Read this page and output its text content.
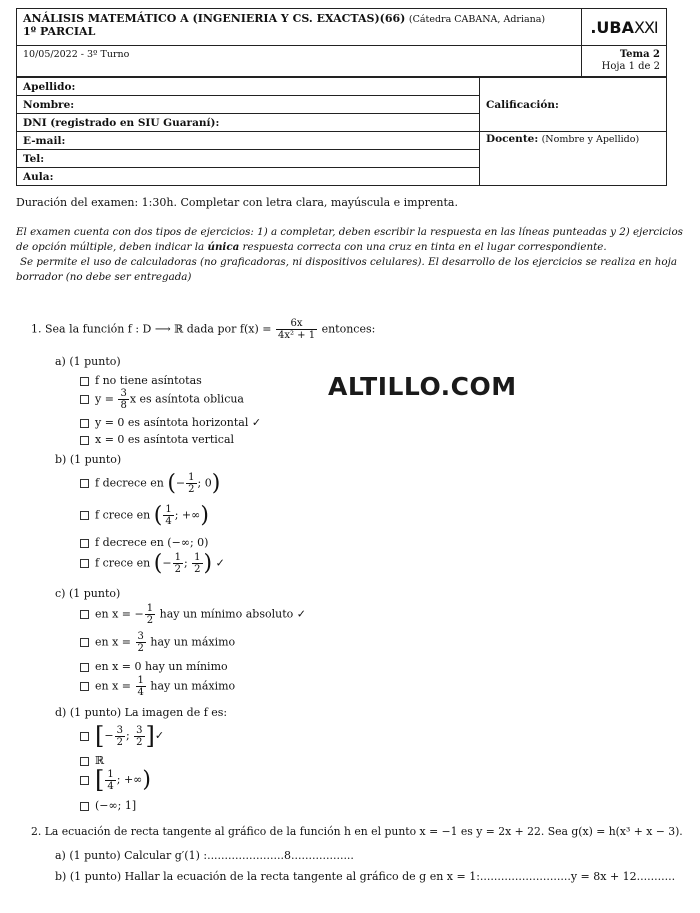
ANÁLISIS MATEMÁTICO A (INGENIERIA Y CS. EXACTAS)(66) (Cátedra CABANA, Adriana)
1º PARCIAL	.UBAXXI
10/05/2022 - 3º Turno	Tema 2
Hoja 1 de 2
Apellido:	Calificación:
Nombre:	
DNI (registrado en SIU Guaraní):	
E-mail:	Docente: (Nombre y Apellido)
Tel:	
Aula:	

Duración del examen: 1:30h. Completar con letra clara, mayúscula e imprenta.

El examen cuenta con dos tipos de ejercicios: 1) a completar, deben escribir la respuesta en las líneas punteadas y 2) ejercicios
de opción múltiple, deben indicar la única respuesta correcta con una cruz en tinta en el lugar correspondiente.
Se permite el uso de calculadoras (no graficadoras, ni dispositivos celulares). El desarrollo de los ejercicios se realiza en hoja
borrador (no debe ser entregada)
ALTILLO.COM
1. Sea la función f : D ⟶ ℝ dada por $f(x) = \frac{6x}{\text{4x² + 1}}$ entonces:
a) (1 punto)
f no tiene asíntotas
$y = \frac{3}{8}$ x es asíntota oblicua
y = 0 es asíntota horizontal ✓
x = 0 es asíntota vertical
b) (1 punto)
f decrece en (− $\frac{1}{2}$ ; 0)
f crece en ( $\frac{1}{4}$ ; +∞)
f decrece en (−∞; 0)
f crece en (− $\frac{1}{2}$ ; $\frac{1}{2}$ ) ✓
c) (1 punto)
en x = − $\frac{1}{2}$ hay un mínimo absoluto ✓
en $x = \frac{3}{2}$ hay un máximo
en x = 0 hay un mínimo
en $x = \frac{1}{4}$ hay un máximo
d) (1 punto) La imagen de f es:
[− $\frac{3}{2}$ ; $\frac{3}{2}$ ]✓
ℝ
[ $\frac{1}{4}$ ; +∞)
(−∞; 1]
2. La ecuación de recta tangente al gráfico de la función h en el punto x = −1 es y = 2x + 22. Sea g(x) = h(x³ + x − 3).
a) (1 punto) Calcular g′(1) :......................8..................
b) (1 punto) Hallar la ecuación de la recta tangente al gráfico de g en x = 1:..........................y = 8x + 12...........
